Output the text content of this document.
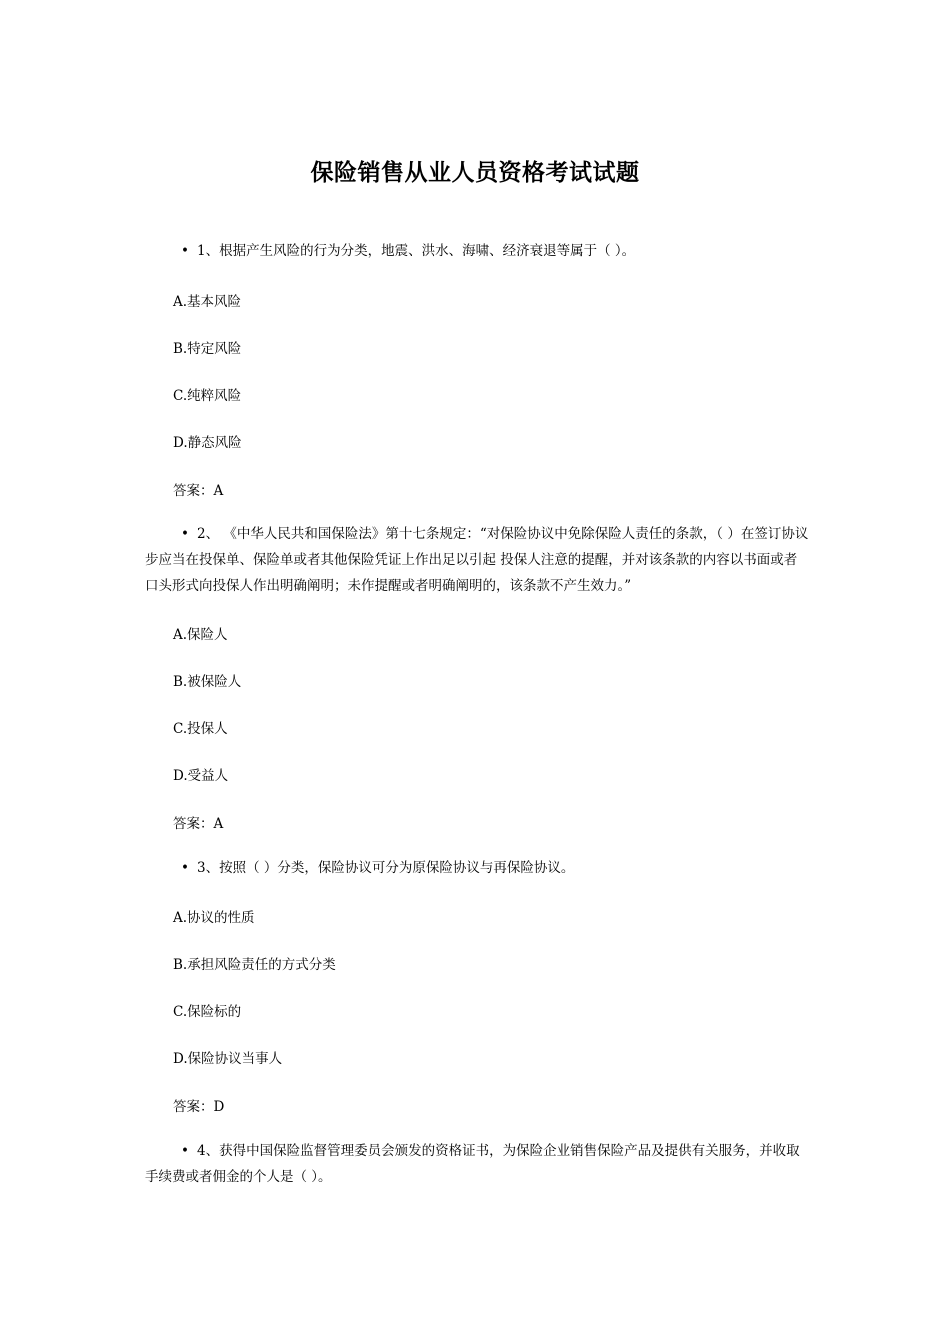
保险销售从业人员资格考试试题
• 1、根据产生风险的行为分类，地震、洪水、海啸、经济衰退等属于（ ）。
A.基本风险
B.特定风险
C.纯粹风险
D.静态风险
答案：A
• 2、 《中华人民共和国保险法》第十七条规定：“对保险协议中免除保险人责任的条款，（ ）在签订协议步应当在投保单、保险单或者其他保险凭证上作出足以引起 投保人注意的提醒，并对该条款的内容以书面或者口头形式向投保人作出明确阐明；未作提醒或者明确阐明的，该条款不产生效力。”
A.保险人
B.被保险人
C.投保人
D.受益人
答案：A
• 3、按照（ ）分类，保险协议可分为原保险协议与再保险协议。
A.协议的性质
B.承担风险责任的方式分类
C.保险标的
D.保险协议当事人
答案：D
• 4、获得中国保险监督管理委员会颁发的资格证书，为保险企业销售保险产品及提供有关服务，并收取手续费或者佣金的个人是（ ）。
